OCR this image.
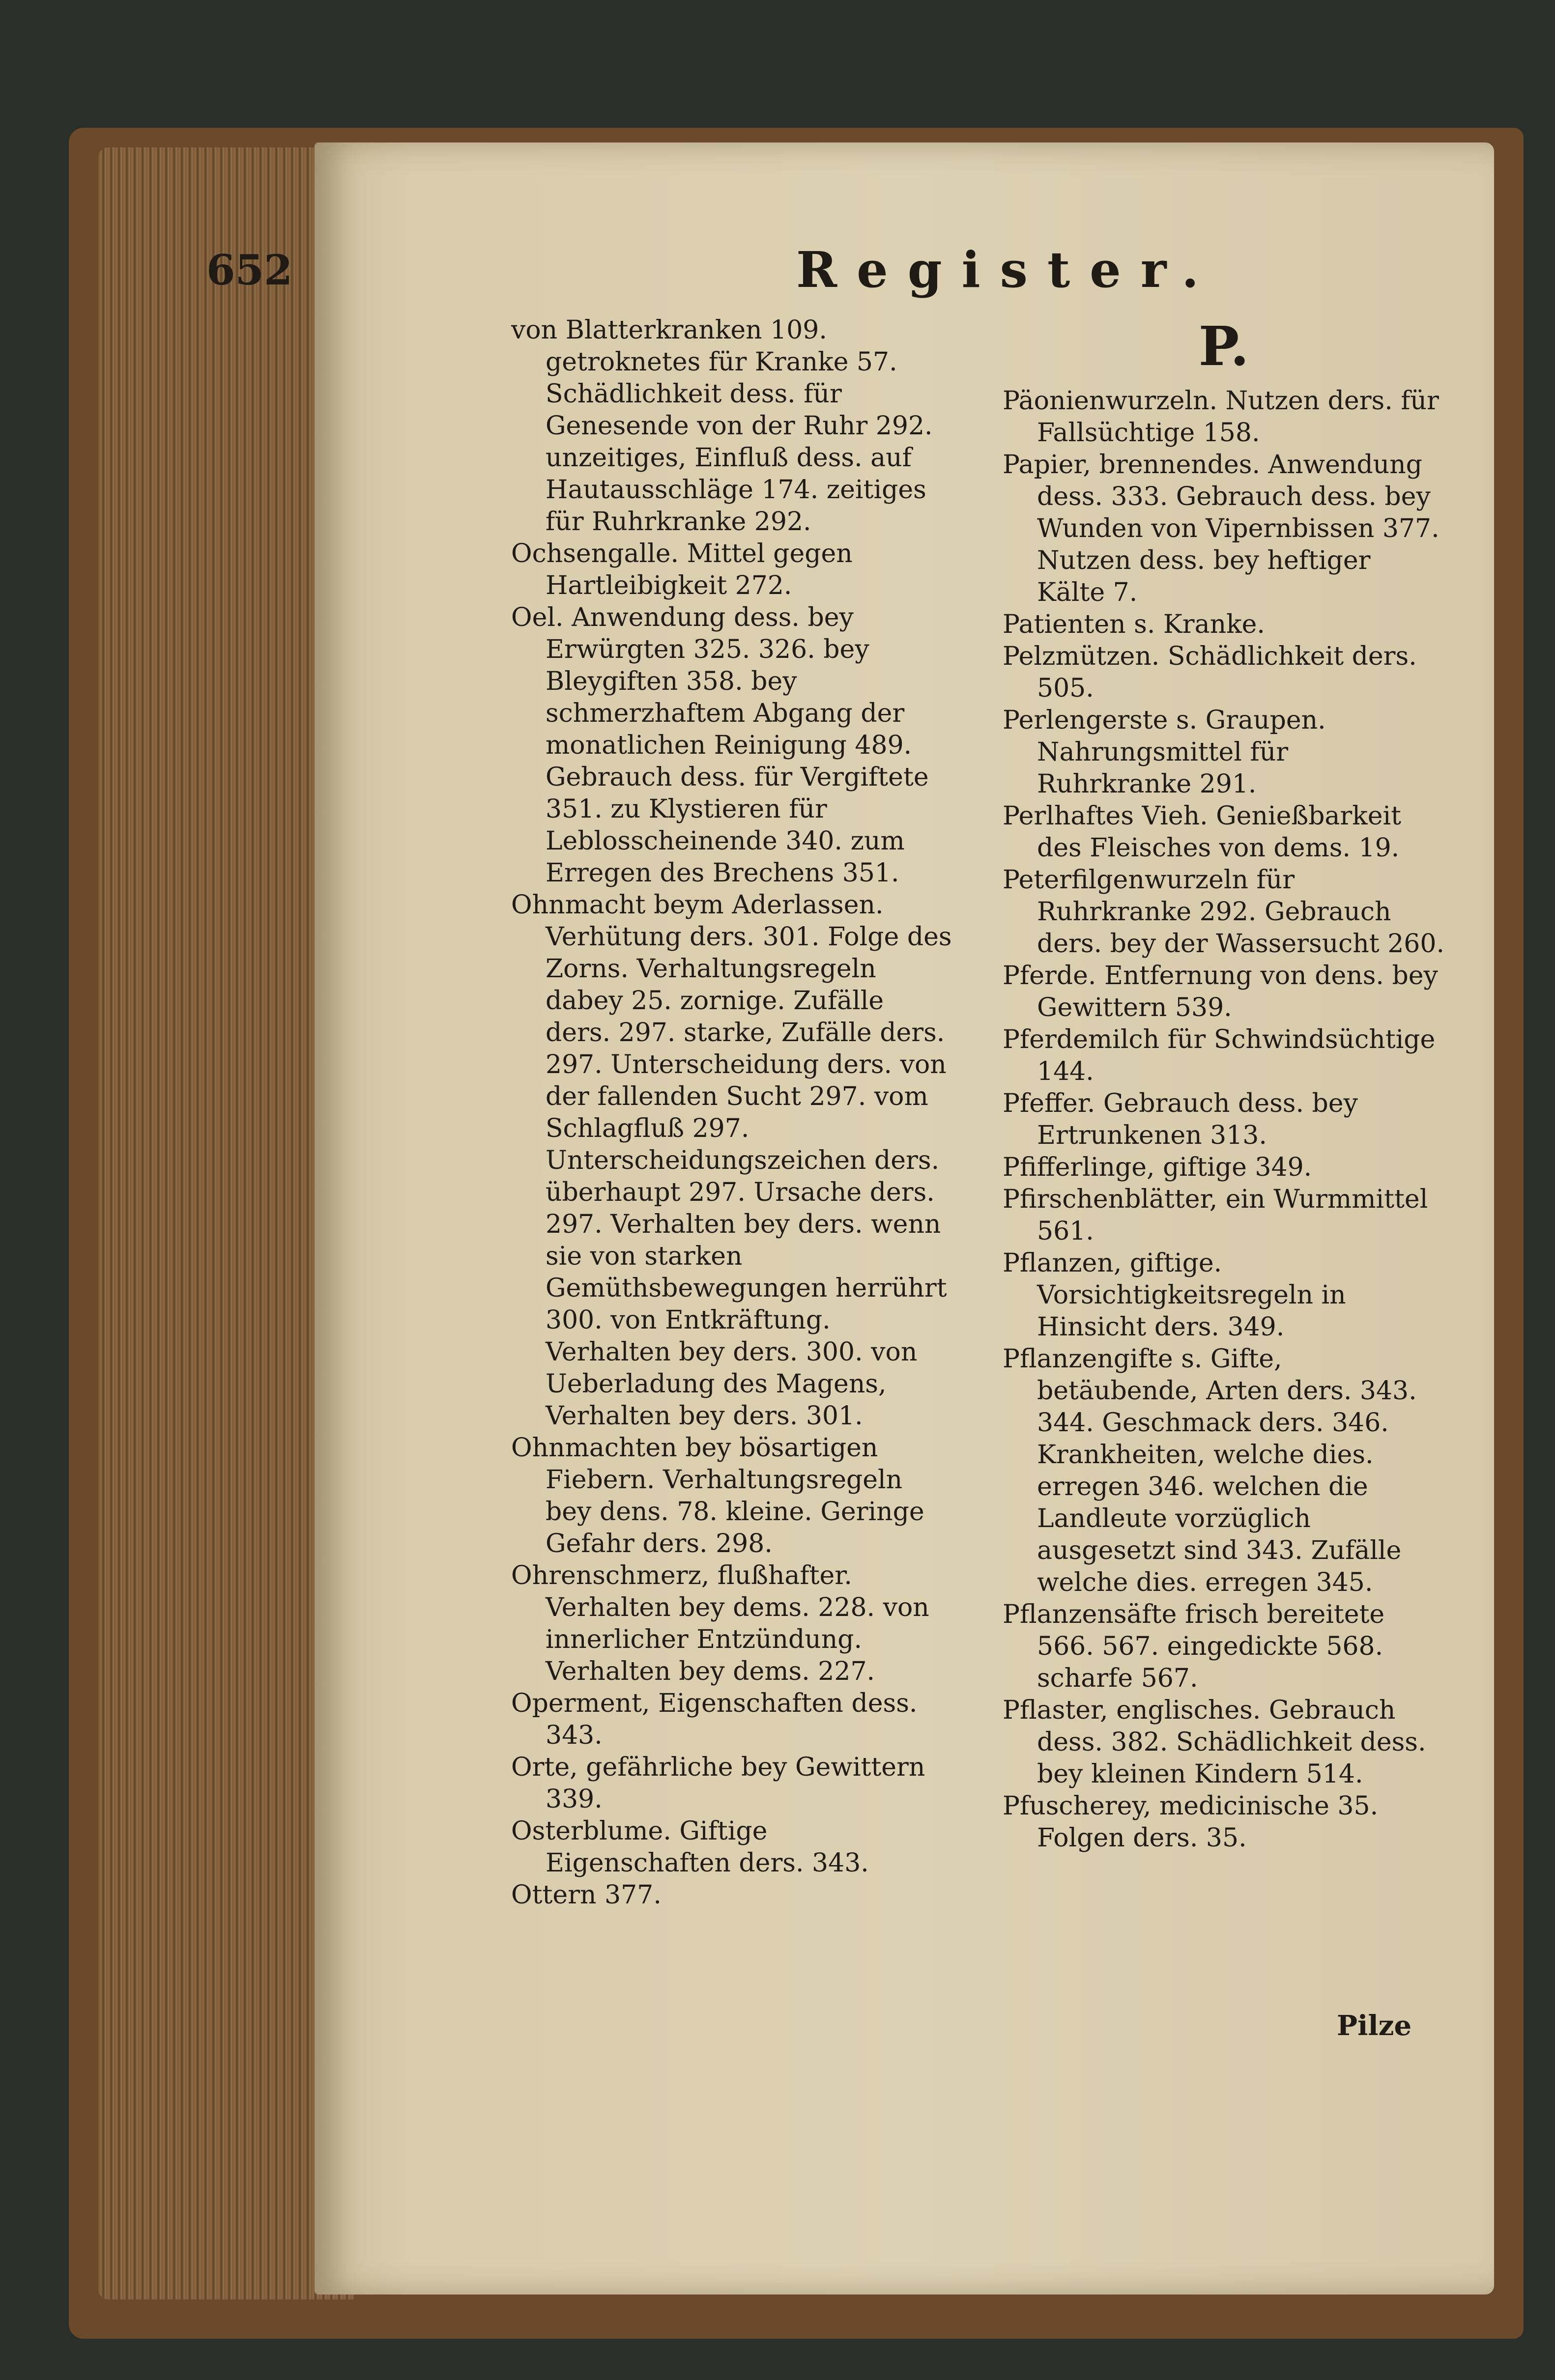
652	Register.

von Blatterkranken 109. getroknetes für Kranke 57. Schädlichkeit dess. für Genesende von der Ruhr 292. unzeitiges, Einfluß dess. auf Hautausschläge 174. zeitiges für Ruhrkranke 292.

Ochsengalle. Mittel gegen Hartleibigkeit 272.

Oel. Anwendung dess. bey Erwürgten 325. 326. bey Bleygiften 358. bey schmerzhaftem Abgang der monatlichen Reinigung 489. Gebrauch dess. für Vergiftete 351. zu Klystieren für Leblosscheinende 340. zum Erregen des Brechens 351.

Ohnmacht beym Aderlassen. Verhütung ders. 301. Folge des Zorns. Verhaltungsregeln dabey 25. zornige. Zufälle ders. 297. starke, Zufälle ders. 297. Unterscheidung ders. von der fallenden Sucht 297. vom Schlagfluß 297. Unterscheidungszeichen ders. überhaupt 297. Ursache ders. 297. Verhalten bey ders. wenn sie von starken Gemüthsbewegungen herrührt 300. von Entkräftung. Verhalten bey ders. 300. von Ueberladung des Magens, Verhalten bey ders. 301.

Ohnmachten bey bösartigen Fiebern. Verhaltungsregeln bey dens. 78. kleine. Geringe Gefahr ders. 298.

Ohrenschmerz, flußhafter. Verhalten bey dems. 228. von innerlicher Entzündung. Verhalten bey dems. 227.

Operment, Eigenschaften dess. 343.

Orte, gefährliche bey Gewittern 339.

Osterblume. Giftige Eigenschaften ders. 343.

Ottern 377.

P.

Päonienwurzeln. Nutzen ders. für Fallsüchtige 158.

Papier, brennendes. Anwendung dess. 333. Gebrauch dess. bey Wunden von Vipernbissen 377. Nutzen dess. bey heftiger Kälte 7.

Patienten s. Kranke.

Pelzmützen. Schädlichkeit ders. 505.

Perlengerste s. Graupen. Nahrungsmittel für Ruhrkranke 291.

Perlhaftes Vieh. Genießbarkeit des Fleisches von dems. 19.

Peterfilgenwurzeln für Ruhrkranke 292. Gebrauch ders. bey der Wassersucht 260.

Pferde. Entfernung von dens. bey Gewittern 539.

Pferdemilch für Schwindsüchtige 144.

Pfeffer. Gebrauch dess. bey Ertrunkenen 313.

Pfifferlinge, giftige 349.

Pfirschenblätter, ein Wurmmittel 561.

Pflanzen, giftige. Vorsichtigkeitsregeln in Hinsicht ders. 349.

Pflanzengifte s. Gifte, betäubende, Arten ders. 343. 344. Geschmack ders. 346. Krankheiten, welche dies. erregen 346. welchen die Landleute vorzüglich ausgesetzt sind 343. Zufälle welche dies. erregen 345.

Pflanzensäfte frisch bereitete 566. 567. eingedickte 568. scharfe 567.

Pflaster, englisches. Gebrauch dess. 382. Schädlichkeit dess. bey kleinen Kindern 514.

Pfuscherey, medicinische 35. Folgen ders. 35.

Pilze
